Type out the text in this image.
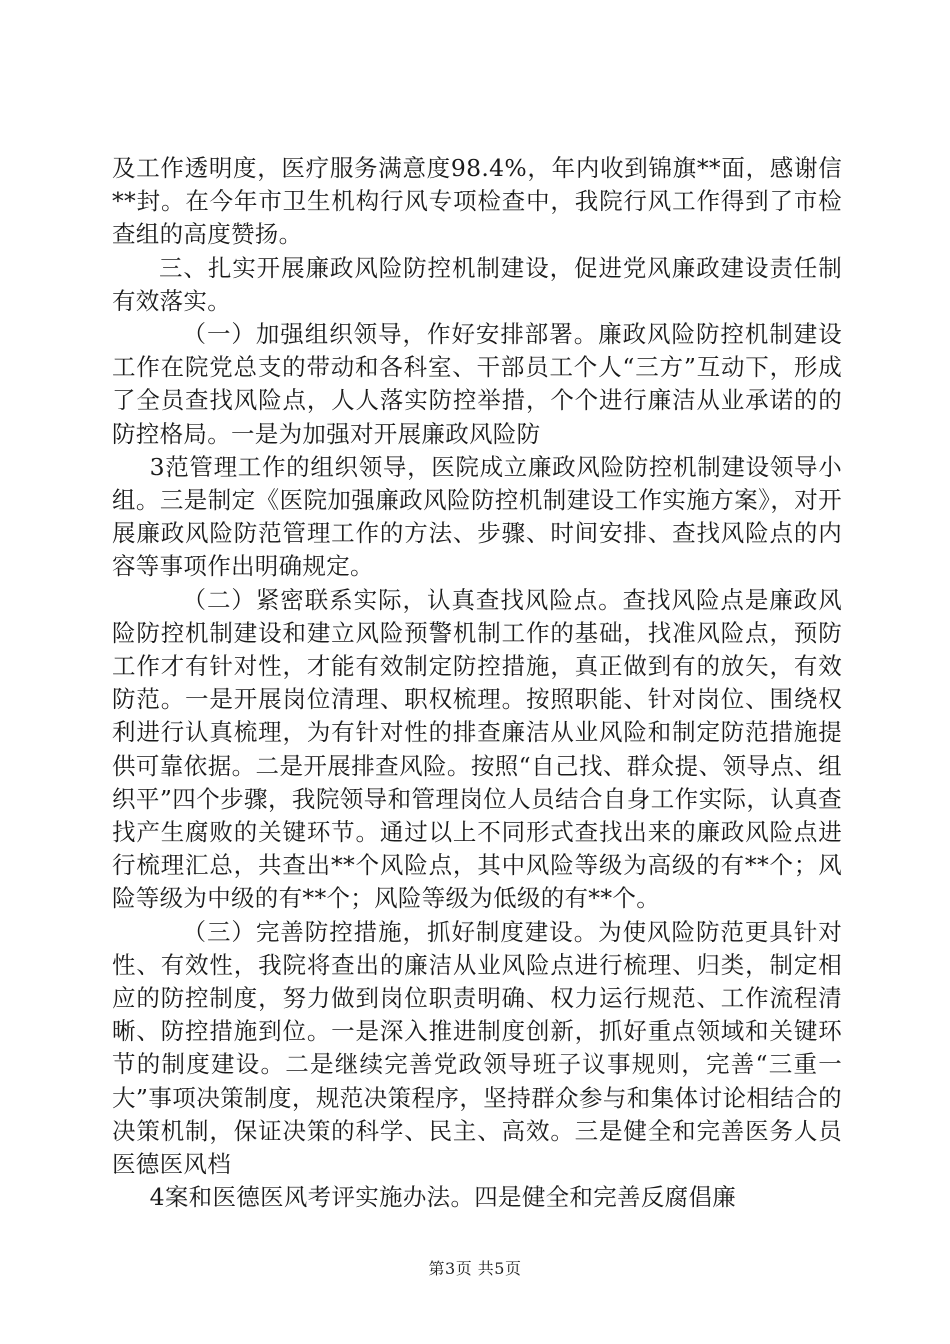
及工作透明度，医疗服务满意度98.4%，年内收到锦旗**面，感谢信**封。在今年市卫生机构行风专项检查中，我院行风工作得到了市检查组的高度赞扬。

三、扎实开展廉政风险防控机制建设，促进党风廉政建设责任制有效落实。

（一）加强组织领导，作好安排部署。廉政风险防控机制建设工作在院党总支的带动和各科室、干部员工个人“三方”互动下，形成了全员查找风险点，人人落实防控举措，个个进行廉洁从业承诺的的防控格局。一是为加强对开展廉政风险防

3范管理工作的组织领导，医院成立廉政风险防控机制建设领导小组。三是制定《医院加强廉政风险防控机制建设工作实施方案》，对开展廉政风险防范管理工作的方法、步骤、时间安排、查找风险点的内容等事项作出明确规定。

（二）紧密联系实际，认真查找风险点。查找风险点是廉政风险防控机制建设和建立风险预警机制工作的基础，找准风险点，预防工作才有针对性，才能有效制定防控措施，真正做到有的放矢，有效防范。一是开展岗位清理、职权梳理。按照职能、针对岗位、围绕权利进行认真梳理，为有针对性的排查廉洁从业风险和制定防范措施提供可靠依据。二是开展排查风险。按照“自己找、群众提、领导点、组织平”四个步骤，我院领导和管理岗位人员结合自身工作实际，认真查找产生腐败的关键环节。通过以上不同形式查找出来的廉政风险点进行梳理汇总，共查出**个风险点，其中风险等级为高级的有**个；风险等级为中级的有**个；风险等级为低级的有**个。

（三）完善防控措施，抓好制度建设。为使风险防范更具针对性、有效性，我院将查出的廉洁从业风险点进行梳理、归类，制定相应的防控制度，努力做到岗位职责明确、权力运行规范、工作流程清晰、防控措施到位。一是深入推进制度创新，抓好重点领域和关键环节的制度建设。二是继续完善党政领导班子议事规则，完善“三重一大”事项决策制度，规范决策程序，坚持群众参与和集体讨论相结合的决策机制，保证决策的科学、民主、高效。三是健全和完善医务人员医德医风档

4案和医德医风考评实施办法。四是健全和完善反腐倡廉

第3页 共5页
